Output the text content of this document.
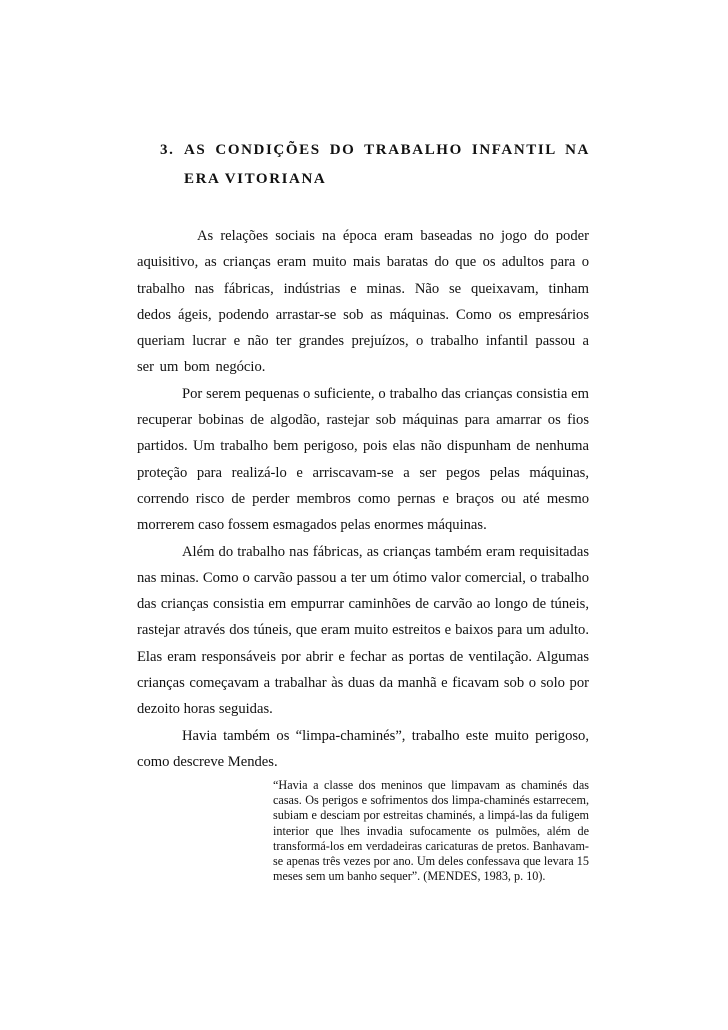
3. AS CONDIÇÕES DO TRABALHO INFANTIL NA ERA VITORIANA

As relações sociais na época eram baseadas no jogo do poder aquisitivo, as crianças eram muito mais baratas do que os adultos para o trabalho nas fábricas, indústrias e minas. Não se queixavam, tinham dedos ágeis, podendo arrastar-se sob as máquinas. Como os empresários queriam lucrar e não ter grandes prejuízos, o trabalho infantil passou a ser um bom negócio.

Por serem pequenas o suficiente, o trabalho das crianças consistia em recuperar bobinas de algodão, rastejar sob máquinas para amarrar os fios partidos. Um trabalho bem perigoso, pois elas não dispunham de nenhuma proteção para realizá-lo e arriscavam-se a ser pegos pelas máquinas, correndo risco de perder membros como pernas e braços ou até mesmo morrerem caso fossem esmagados pelas enormes máquinas.

Além do trabalho nas fábricas, as crianças também eram requisitadas nas minas. Como o carvão passou a ter um ótimo valor comercial, o trabalho das crianças consistia em empurrar caminhões de carvão ao longo de túneis, rastejar através dos túneis, que eram muito estreitos e baixos para um adulto. Elas eram responsáveis por abrir e fechar as portas de ventilação. Algumas crianças começavam a trabalhar às duas da manhã e ficavam sob o solo por dezoito horas seguidas.

Havia também os “limpa-chaminés”, trabalho este muito perigoso, como descreve Mendes.

“Havia a classe dos meninos que limpavam as chaminés das casas. Os perigos e sofrimentos dos limpa-chaminés estarrecem, subiam e desciam por estreitas chaminés, a limpá-las da fuligem interior que lhes invadia sufocamente os pulmões, além de transformá-los em verdadeiras caricaturas de pretos. Banhavam-se apenas três vezes por ano. Um deles confessava que levara 15 meses sem um banho sequer”. (MENDES, 1983, p. 10).
